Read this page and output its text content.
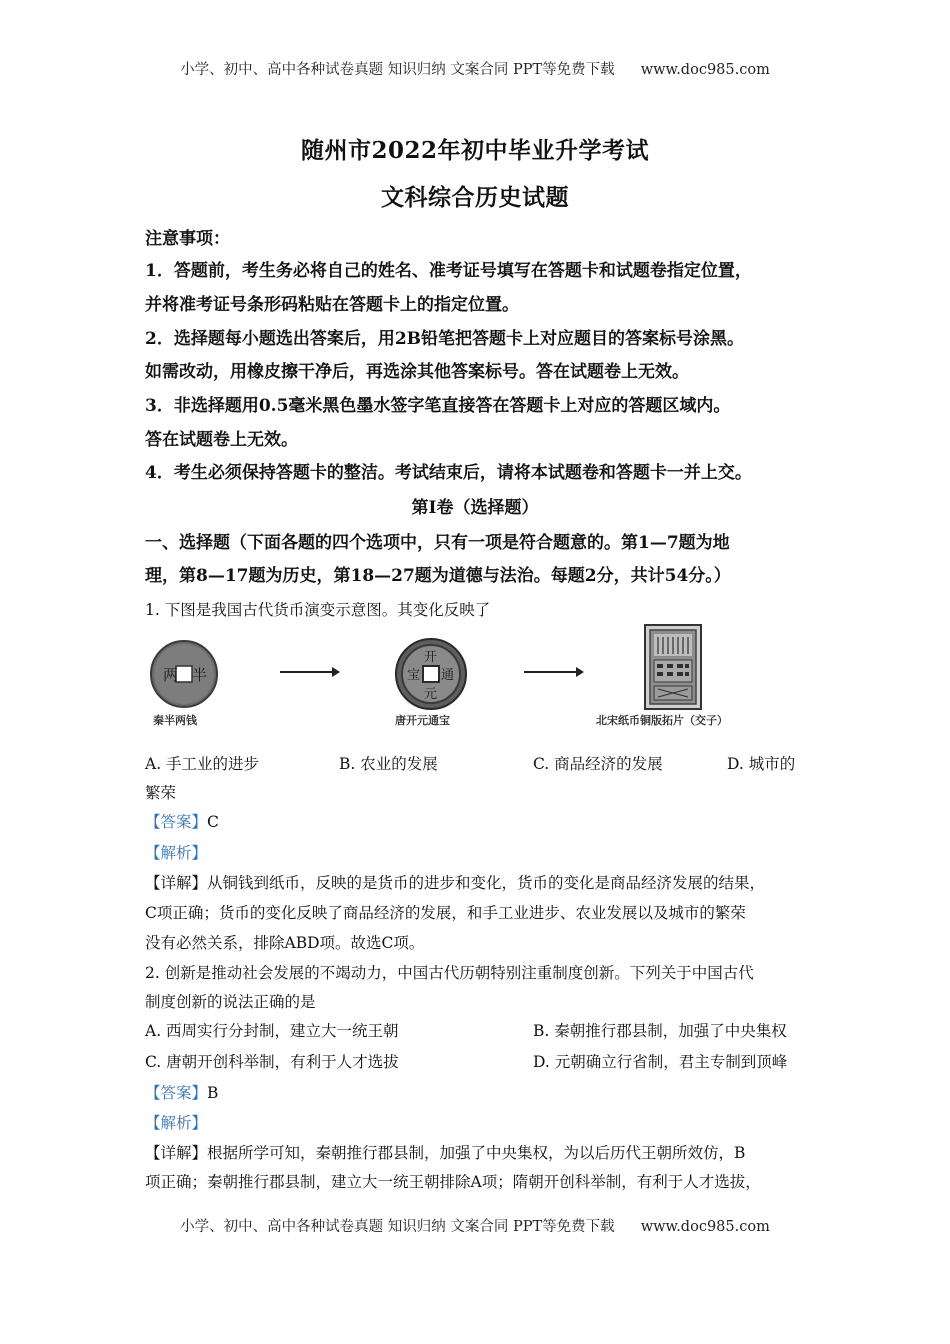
小学、初中、高中各种试卷真题 知识归纳 文案合同 PPT等免费下载 www.doc985.com
随州市2022年初中毕业升学考试
文科综合历史试题
注意事项：
1．答题前，考生务必将自己的姓名、准考证号填写在答题卡和试题卷指定位置，
并将准考证号条形码粘贴在答题卡上的指定位置。
2．选择题每小题选出答案后，用2B铅笔把答题卡上对应题目的答案标号涂黑。
如需改动，用橡皮擦干净后，再选涂其他答案标号。答在试题卷上无效。
3．非选择题用0.5毫米黑色墨水签字笔直接答在答题卡上对应的答题区域内。
答在试题卷上无效。
4．考生必须保持答题卡的整洁。考试结束后，请将本试题卷和答题卡一并上交。
第I卷（选择题）
一、选择题（下面各题的四个选项中，只有一项是符合题意的。第1—7题为地
理，第8—17题为历史，第18—27题为道德与法治。每题2分，共计54分。）
1. 下图是我国古代货币演变示意图。其变化反映了
两 半
秦半两钱
开
元
通
宝
唐开元通宝	北宋纸币铜版拓片（交子）
A. 手工业的进步	B. 农业的发展	C. 商品经济的发展	D. 城市的
繁荣
【答案】C
【解析】
【详解】从铜钱到纸币，反映的是货币的进步和变化，货币的变化是商品经济发展的结果，
C项正确；货币的变化反映了商品经济的发展，和手工业进步、农业发展以及城市的繁荣
没有必然关系，排除ABD项。故选C项。
2. 创新是推动社会发展的不竭动力，中国古代历朝特别注重制度创新。下列关于中国古代
制度创新的说法正确的是
A. 西周实行分封制，建立大一统王朝	B. 秦朝推行郡县制，加强了中央集权
C. 唐朝开创科举制，有利于人才选拔	D. 元朝确立行省制，君主专制到顶峰
【答案】B
【解析】
【详解】根据所学可知，秦朝推行郡县制，加强了中央集权，为以后历代王朝所效仿，B
项正确；秦朝推行郡县制，建立大一统王朝排除A项；隋朝开创科举制，有利于人才选拔，
小学、初中、高中各种试卷真题 知识归纳 文案合同 PPT等免费下载 www.doc985.com
